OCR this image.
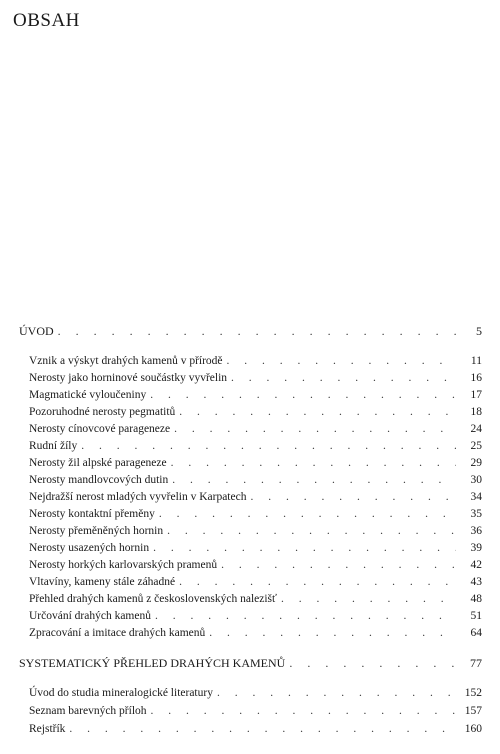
OBSAH
ÚVOD . . .	5
Vznik a výskyt drahých kamenů v přírodě . . .	11
Nerosty jako horninové součástky vyvřelin . . .	16
Magmatické vyloučeniny . . .	17
Pozoruhodné nerosty pegmatitů . . .	18
Nerosty cínovcové parageneze . . .	24
Rudní žíly . . .	25
Nerosty žil alpské parageneze . . .	29
Nerosty mandlovcových dutin . . .	30
Nejdražší nerost mladých vyvřelin v Karpatech . . .	34
Nerosty kontaktní přeměny . . .	35
Nerosty přeměněných hornin . . .	36
Nerosty usazených hornin . . .	39
Nerosty horkých karlovarských pramenů . . .	42
Vltavíny, kameny stále záhadné . . .	43
Přehled drahých kamenů z československých nalezišť . . .	48
Určování drahých kamenů . . .	51
Zpracování a imitace drahých kamenů . . .	64
SYSTEMATICKÝ PŘEHLED DRAHÝCH KAMENŮ . . .	77
Úvod do studia mineralogické literatury . . .	152
Seznam barevných příloh . . .	157
Rejstřík . . .	160
